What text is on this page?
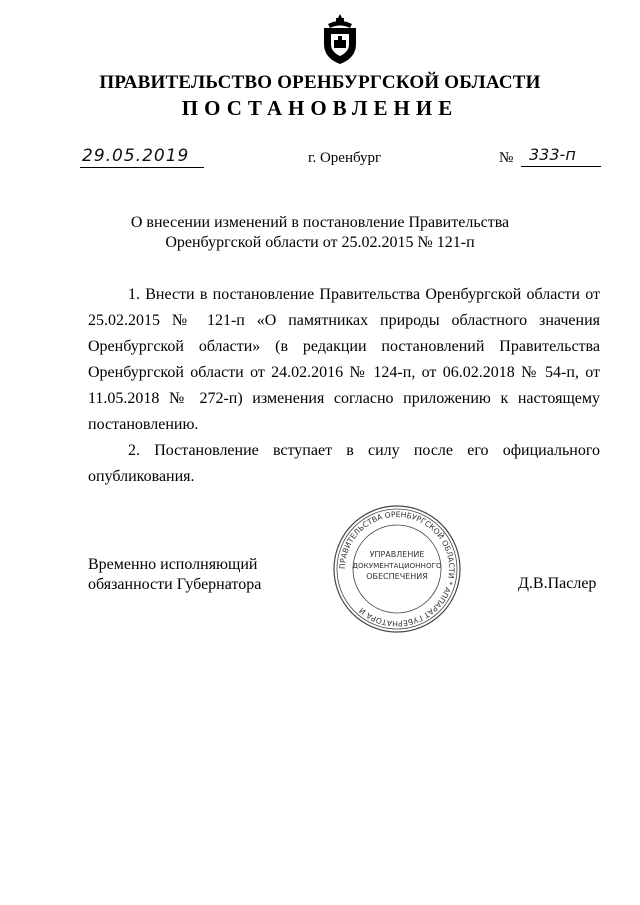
ПРАВИТЕЛЬСТВО ОРЕНБУРГСКОЙ ОБЛАСТИ
ПОСТАНОВЛЕНИЕ
29.05.2019	г. Оренбург	№ 333-п
О внесении изменений в постановление Правительства
Оренбургской области от 25.02.2015 № 121-п

1. Внести в постановление Правительства Оренбургской области от 25.02.2015 № 121-п «О памятниках природы областного значения Оренбургской области» (в редакции постановлений Правительства Оренбургской области от 24.02.2016 № 124-п, от 06.02.2018 № 54-п, от 11.05.2018 № 272-п) изменения согласно приложению к настоящему постановлению.

2. Постановление вступает в силу после его официального опубликования.

Временно исполняющий
обязанности Губернатора	Д.В.Паслер
ПРАВИТЕЛЬСТВА ОРЕНБУРГСКОЙ ОБЛАСТИ * АППАРАТ ГУБЕРНАТОРА И
УПРАВЛЕНИЕ
ДОКУМЕНТАЦИОННОГО
ОБЕСПЕЧЕНИЯ
